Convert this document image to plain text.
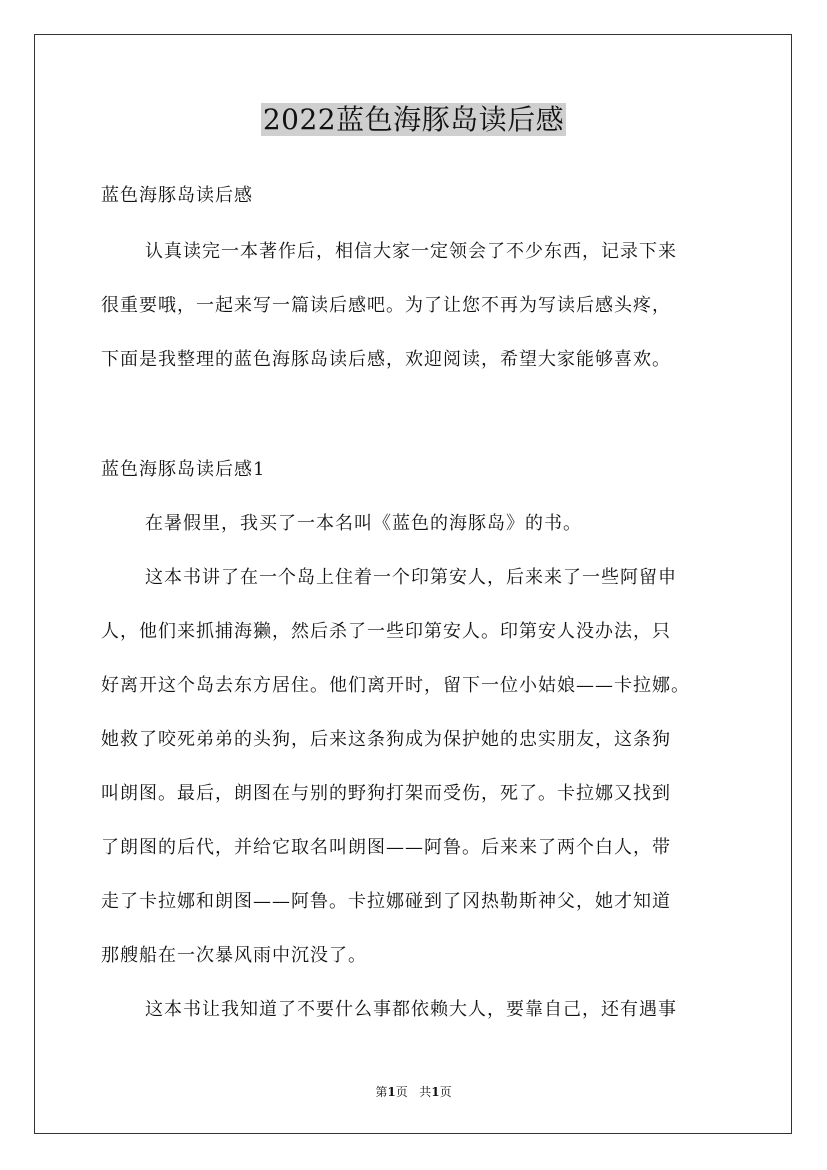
2022蓝色海豚岛读后感
蓝色海豚岛读后感
认真读完一本著作后，相信大家一定领会了不少东西，记录下来
很重要哦，一起来写一篇读后感吧。为了让您不再为写读后感头疼，
下面是我整理的蓝色海豚岛读后感，欢迎阅读，希望大家能够喜欢。
蓝色海豚岛读后感1
在暑假里，我买了一本名叫《蓝色的海豚岛》的书。
这本书讲了在一个岛上住着一个印第安人，后来来了一些阿留申
人，他们来抓捕海獭，然后杀了一些印第安人。印第安人没办法，只
好离开这个岛去东方居住。他们离开时，留下一位小姑娘——卡拉娜。
她救了咬死弟弟的头狗，后来这条狗成为保护她的忠实朋友，这条狗
叫朗图。最后，朗图在与别的野狗打架而受伤，死了。卡拉娜又找到
了朗图的后代，并给它取名叫朗图——阿鲁。后来来了两个白人，带
走了卡拉娜和朗图——阿鲁。卡拉娜碰到了冈热勒斯神父，她才知道
那艘船在一次暴风雨中沉没了。
这本书让我知道了不要什么事都依赖大人，要靠自己，还有遇事
第1页   共1页
